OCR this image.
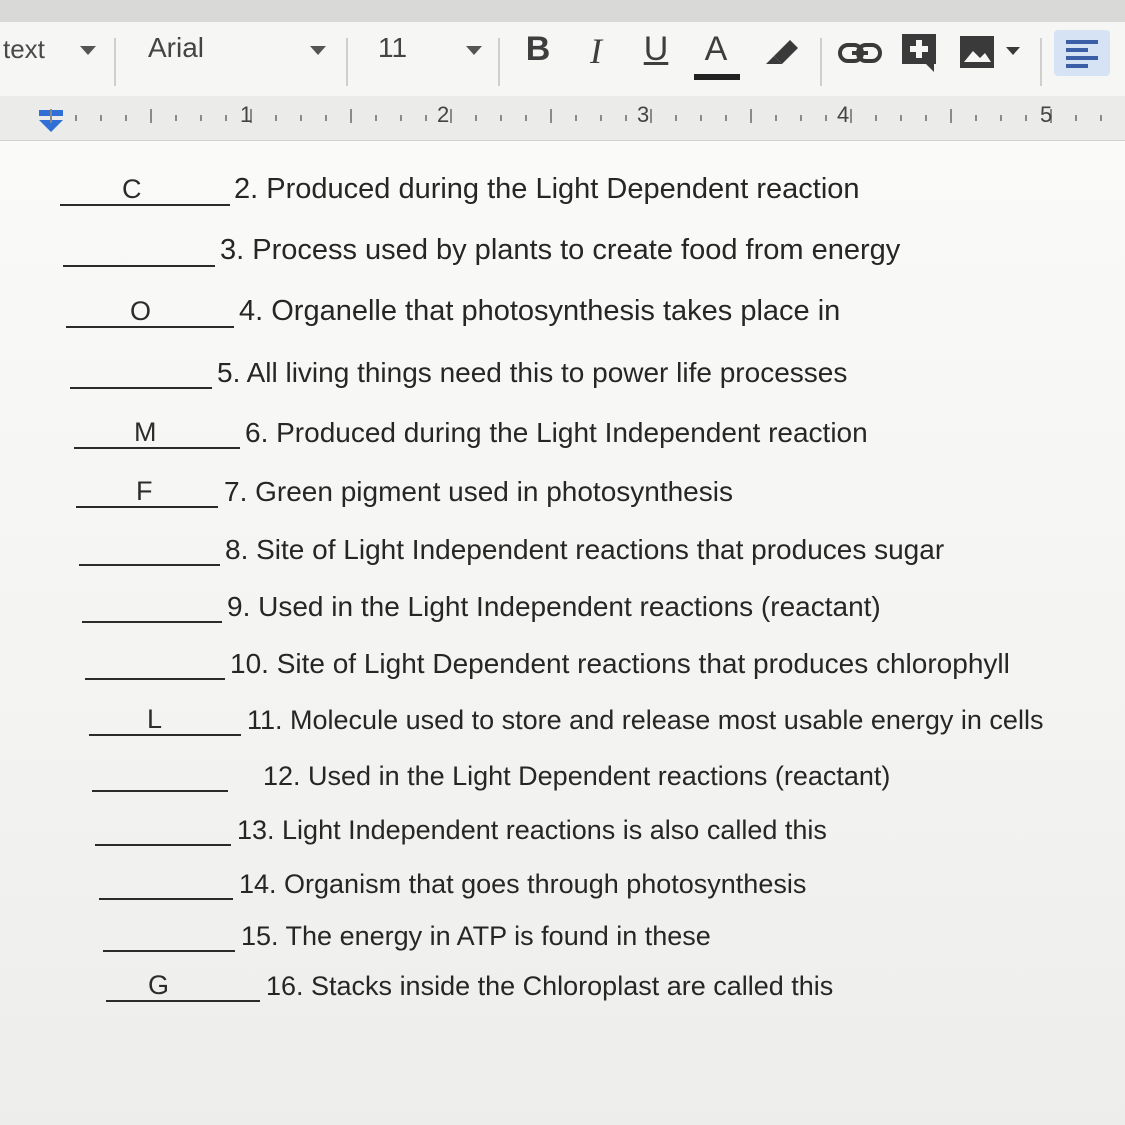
text	Arial	11	B	I	U	A
1	2	3	4	5
C	2. Produced during the Light Dependent reaction
3. Process used by plants to create food from energy
O	4. Organelle that photosynthesis takes place in
5. All living things need this to power life processes
M	6. Produced during the Light Independent reaction
F	7. Green pigment used in photosynthesis
8. Site of Light Independent reactions that produces sugar
9. Used in the Light Independent reactions (reactant)
10. Site of Light Dependent reactions that produces chlorophyll
L	11. Molecule used to store and release most usable energy in cells
12. Used in the Light Dependent reactions (reactant)
13. Light Independent reactions is also called this
14. Organism that goes through photosynthesis
15. The energy in ATP is found in these
G	16. Stacks inside the Chloroplast are called this
